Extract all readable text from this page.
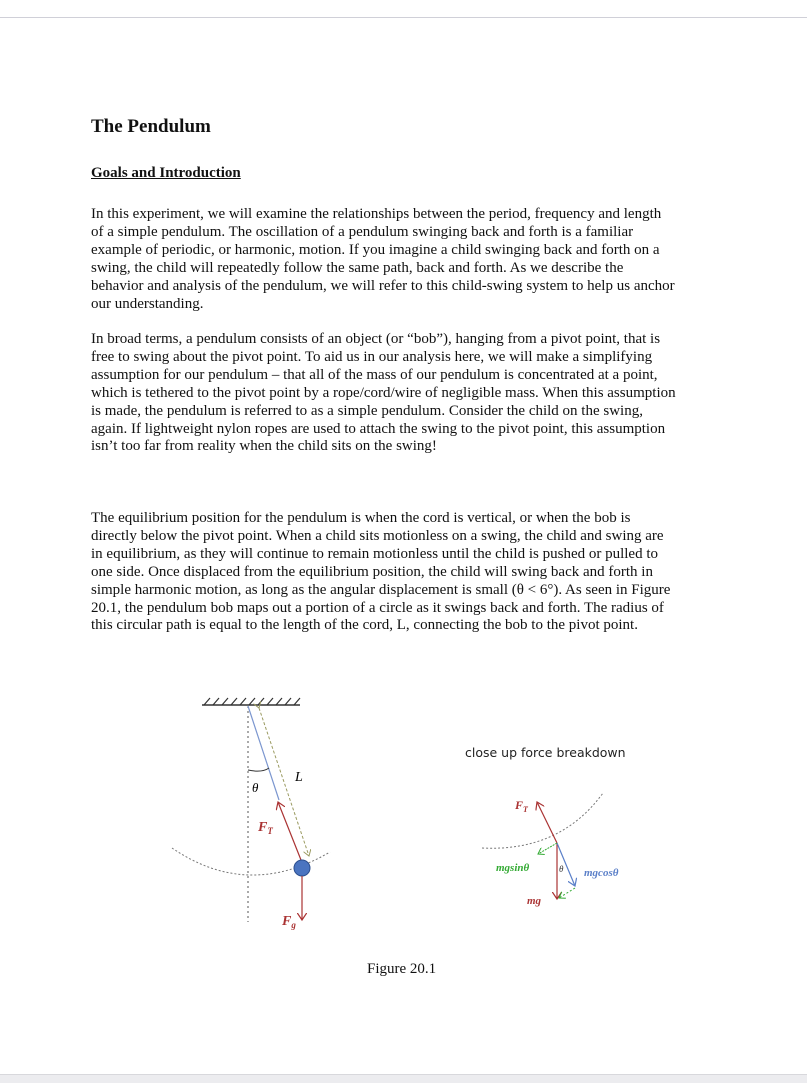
The Pendulum
Goals and Introduction
In this experiment, we will examine the relationships between the period, frequency and length
of a simple pendulum. The oscillation of a pendulum swinging back and forth is a familiar
example of periodic, or harmonic, motion. If you imagine a child swinging back and forth on a
swing, the child will repeatedly follow the same path, back and forth. As we describe the
behavior and analysis of the pendulum, we will refer to this child-swing system to help us anchor
our understanding.
In broad terms, a pendulum consists of an object (or “bob”), hanging from a pivot point, that is
free to swing about the pivot point. To aid us in our analysis here, we will make a simplifying
assumption for our pendulum – that all of the mass of our pendulum is concentrated at a point,
which is tethered to the pivot point by a rope/cord/wire of negligible mass. When this assumption
is made, the pendulum is referred to as a simple pendulum. Consider the child on the swing,
again. If lightweight nylon ropes are used to attach the swing to the pivot point, this assumption
isn’t too far from reality when the child sits on the swing!
The equilibrium position for the pendulum is when the cord is vertical, or when the bob is
directly below the pivot point. When a child sits motionless on a swing, the child and swing are
in equilibrium, as they will continue to remain motionless until the child is pushed or pulled to
one side. Once displaced from the equilibrium position, the child will swing back and forth in
simple harmonic motion, as long as the angular displacement is small (θ < 6°). As seen in Figure
20.1, the pendulum bob maps out a portion of a circle as it swings back and forth. The radius of
this circular path is equal to the length of the cord, L, connecting the bob to the pivot point.
θ
L
$F_T$
$F_g$
close up force breakdown
$F_T$
mgsinθ	mgcosθ
mg
θ
Figure 20.1
